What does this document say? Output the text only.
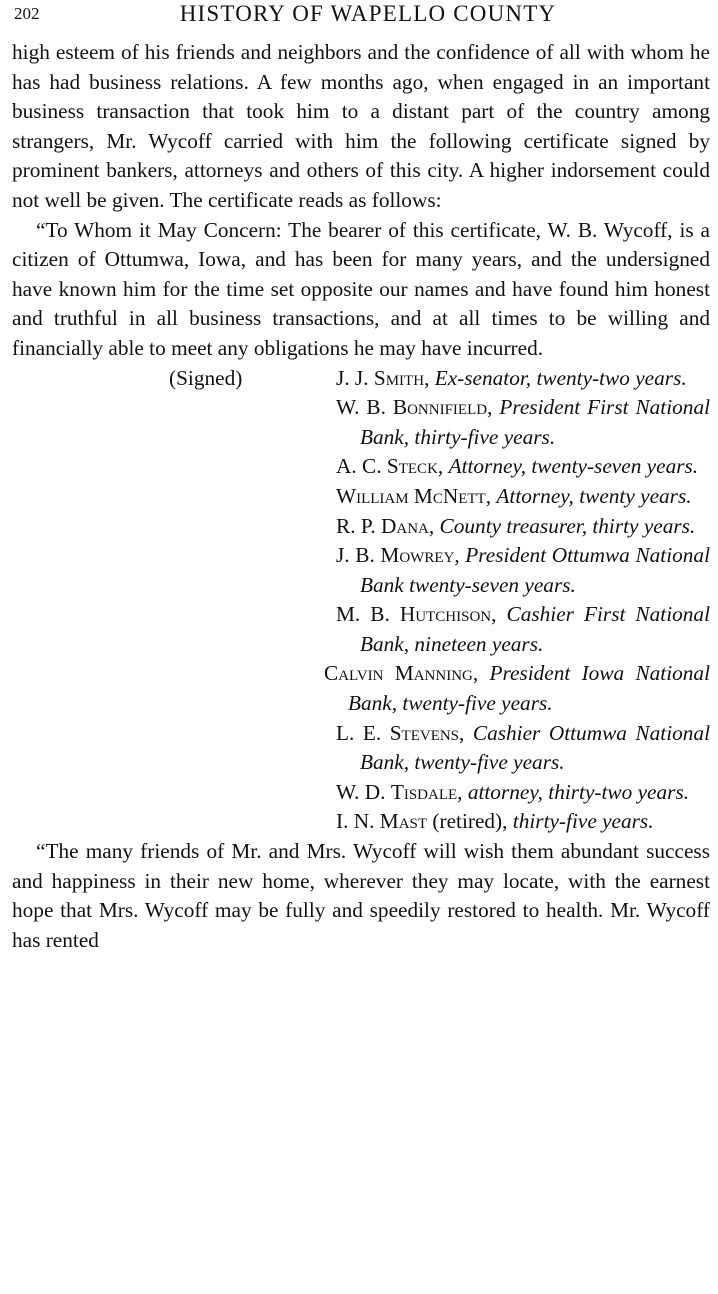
202	HISTORY OF WAPELLO COUNTY

high esteem of his friends and neighbors and the confidence of all with whom he has had business relations. A few months ago, when engaged in an important business transaction that took him to a distant part of the country among strangers, Mr. Wycoff carried with him the following certificate signed by prominent bankers, attorneys and others of this city. A higher indorsement could not well be given. The certificate reads as follows:

“To Whom it May Concern: The bearer of this certificate, W. B. Wycoff, is a citizen of Ottumwa, Iowa, and has been for many years, and the undersigned have known him for the time set opposite our names and have found him honest and truthful in all business transactions, and at all times to be willing and financially able to meet any obligations he may have incurred.

(Signed)	J. J. Smith, Ex-senator, twenty-two years.
W. B. Bonnifield, President First National Bank, thirty-five years.
A. C. Steck, Attorney, twenty-seven years.
William McNett, Attorney, twenty years.
R. P. Dana, County treasurer, thirty years.
J. B. Mowrey, President Ottumwa National Bank twenty-seven years.
M. B. Hutchison, Cashier First National Bank, nineteen years.
Calvin Manning, President Iowa National Bank, twenty-five years.
L. E. Stevens, Cashier Ottumwa National Bank, twenty-five years.
W. D. Tisdale, attorney, thirty-two years.
I. N. Mast (retired), thirty-five years.

“The many friends of Mr. and Mrs. Wycoff will wish them abundant success and happiness in their new home, wherever they may locate, with the earnest hope that Mrs. Wycoff may be fully and speedily restored to health. Mr. Wycoff has rented
